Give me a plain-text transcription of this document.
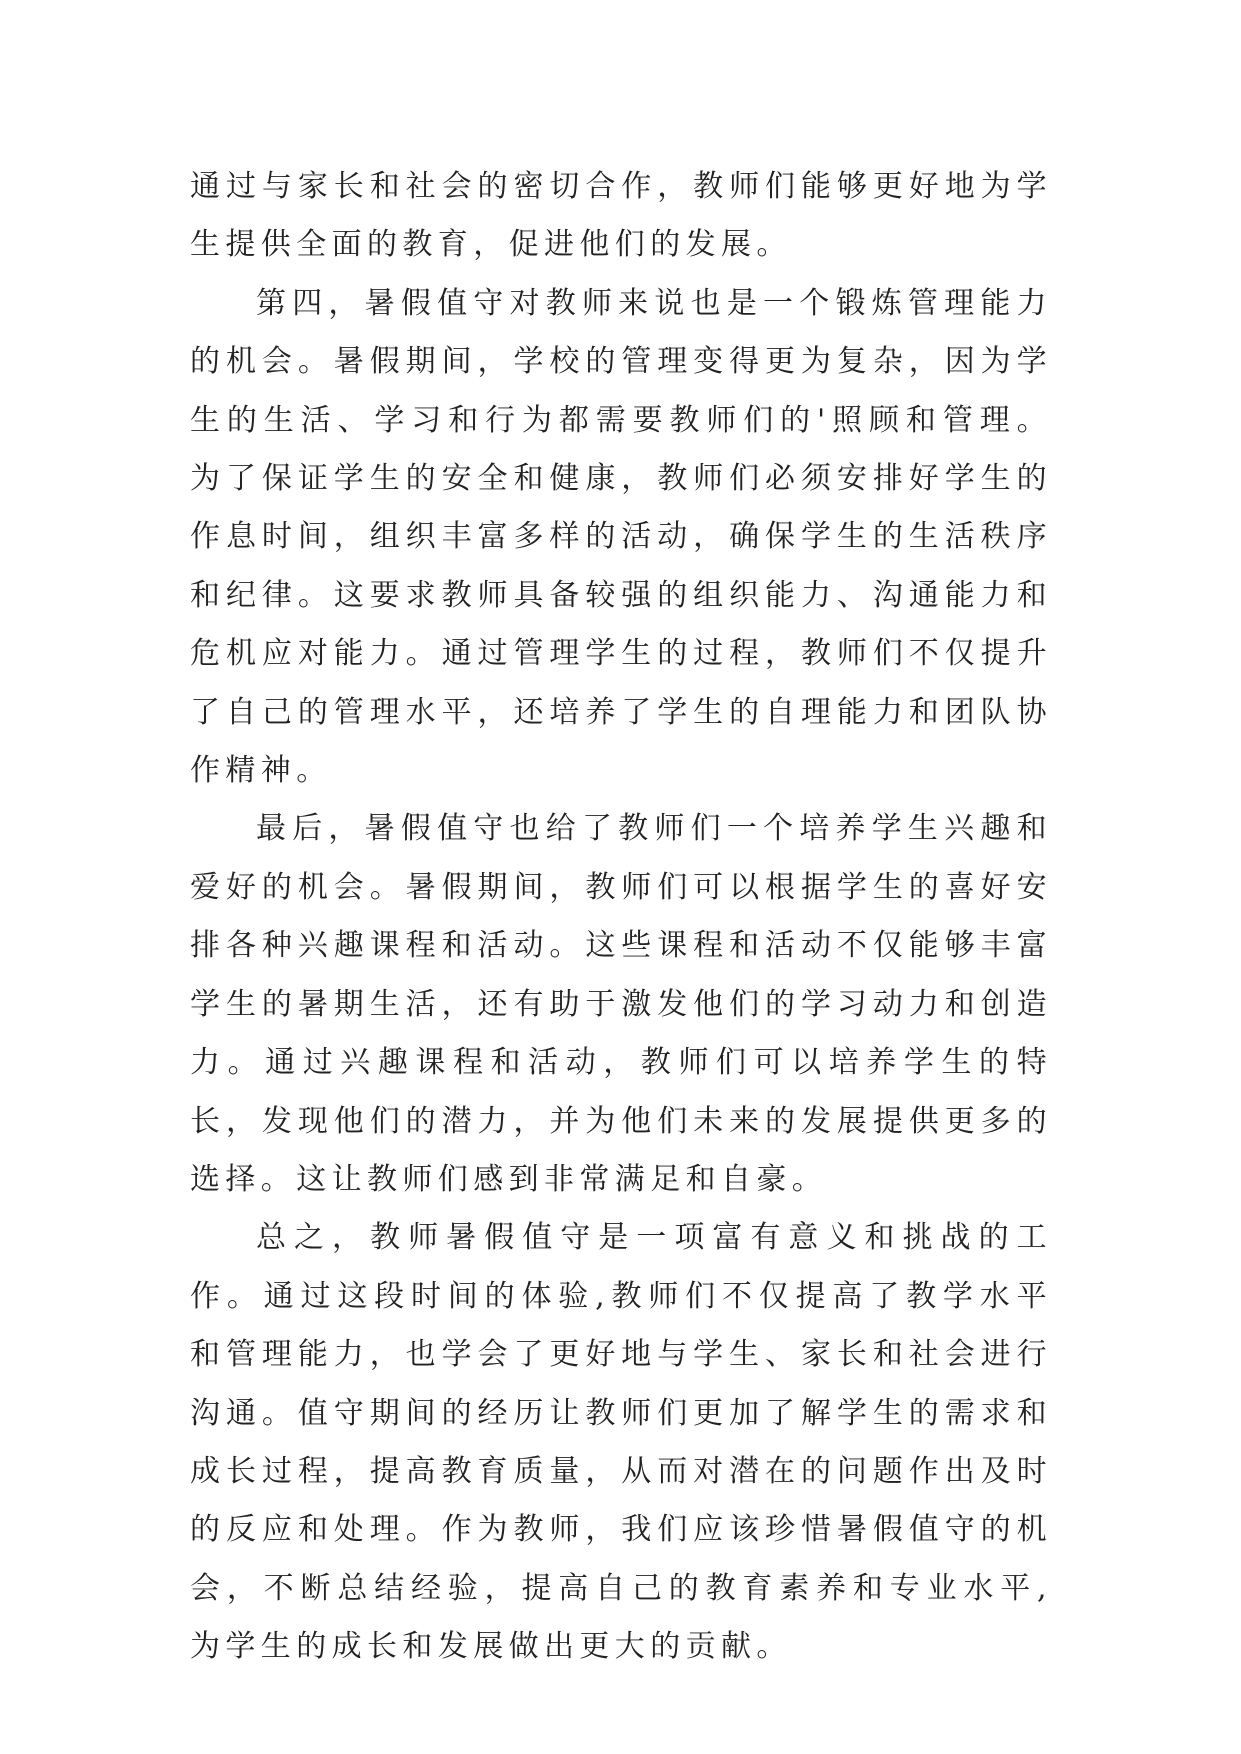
通过与家长和社会的密切合作，教师们能够更好地为学生提供全面的教育，促进他们的发展。

第四，暑假值守对教师来说也是一个锻炼管理能力的机会。暑假期间，学校的管理变得更为复杂，因为学生的生活、学习和行为都需要教师们的'照顾和管理。为了保证学生的安全和健康，教师们必须安排好学生的作息时间，组织丰富多样的活动，确保学生的生活秩序和纪律。这要求教师具备较强的组织能力、沟通能力和危机应对能力。通过管理学生的过程，教师们不仅提升了自己的管理水平，还培养了学生的自理能力和团队协作精神。

最后，暑假值守也给了教师们一个培养学生兴趣和爱好的机会。暑假期间，教师们可以根据学生的喜好安排各种兴趣课程和活动。这些课程和活动不仅能够丰富学生的暑期生活，还有助于激发他们的学习动力和创造力。通过兴趣课程和活动，教师们可以培养学生的特长，发现他们的潜力，并为他们未来的发展提供更多的选择。这让教师们感到非常满足和自豪。

总之，教师暑假值守是一项富有意义和挑战的工作。通过这段时间的体验,教师们不仅提高了教学水平和管理能力，也学会了更好地与学生、家长和社会进行沟通。值守期间的经历让教师们更加了解学生的需求和成长过程，提高教育质量，从而对潜在的问题作出及时的反应和处理。作为教师，我们应该珍惜暑假值守的机会，不断总结经验，提高自己的教育素养和专业水平,为学生的成长和发展做出更大的贡献。
